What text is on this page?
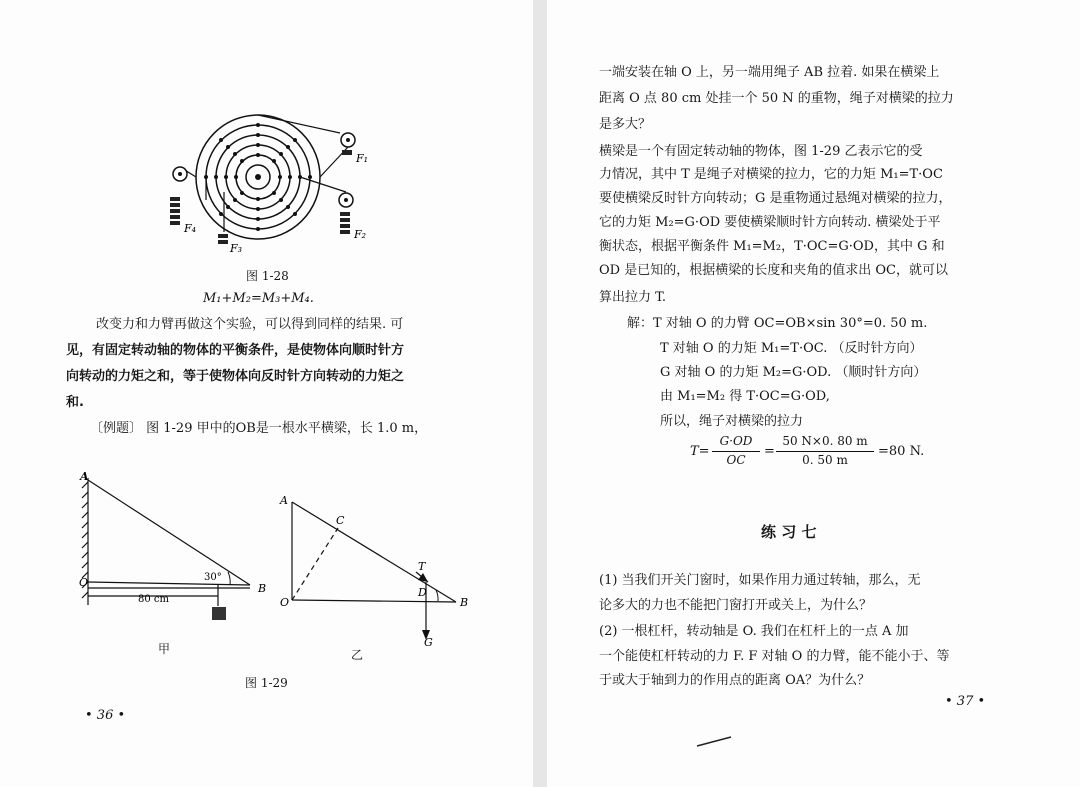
F₁
F₄	F₂
F₃
图 1-28
M₁+M₂=M₃+M₄.
改变力和力臂再做这个实验，可以得到同样的结果. 可
见，有固定转动轴的物体的平衡条件，是使物体向顺时针方
向转动的力矩之和，等于使物体向反时针方向转动的力矩之
和.
〔例题〕 图 1-29 甲中的OB是一根水平横梁，长 1.0 m，
A
O	B
30°
80 cm
甲
A
C
T
D
O	B
G
乙
图 1-29
• 36 •
一端安装在轴 O 上，另一端用绳子 AB 拉着. 如果在横梁上
距离 O 点 80 cm 处挂一个 50 N 的重物，绳子对横梁的拉力
是多大？
横梁是一个有固定转动轴的物体，图 1-29 乙表示它的受
力情况，其中 T 是绳子对横梁的拉力，它的力矩 M₁=T·OC
要使横梁反时针方向转动；G 是重物通过悬绳对横梁的拉力，
它的力矩 M₂=G·OD 要使横梁顺时针方向转动. 横梁处于平
衡状态，根据平衡条件 M₁=M₂，T·OC=G·OD，其中 G 和
OD 是已知的，根据横梁的长度和夹角的值求出 OC，就可以
算出拉力 T.
解：T 对轴 O 的力臂 OC=OB×sin 30°=0. 50 m.
T 对轴 O 的力矩 M₁=T·OC. （反时针方向）
G 对轴 O 的力矩 M₂=G·OD. （顺时针方向）
由 M₁=M₂ 得 T·OC=G·OD,
所以，绳子对横梁的拉力
T=
G·OD
OC
=
50 N×0. 80 m
0. 50 m
=80 N.
练 习 七
(1) 当我们开关门窗时，如果作用力通过转轴，那么，无
论多大的力也不能把门窗打开或关上，为什么？
(2) 一根杠杆，转动轴是 O. 我们在杠杆上的一点 A 加
一个能使杠杆转动的力 F. F 对轴 O 的力臂，能不能小于、等
于或大于轴到力的作用点的距离 OA？为什么？
• 37 •
